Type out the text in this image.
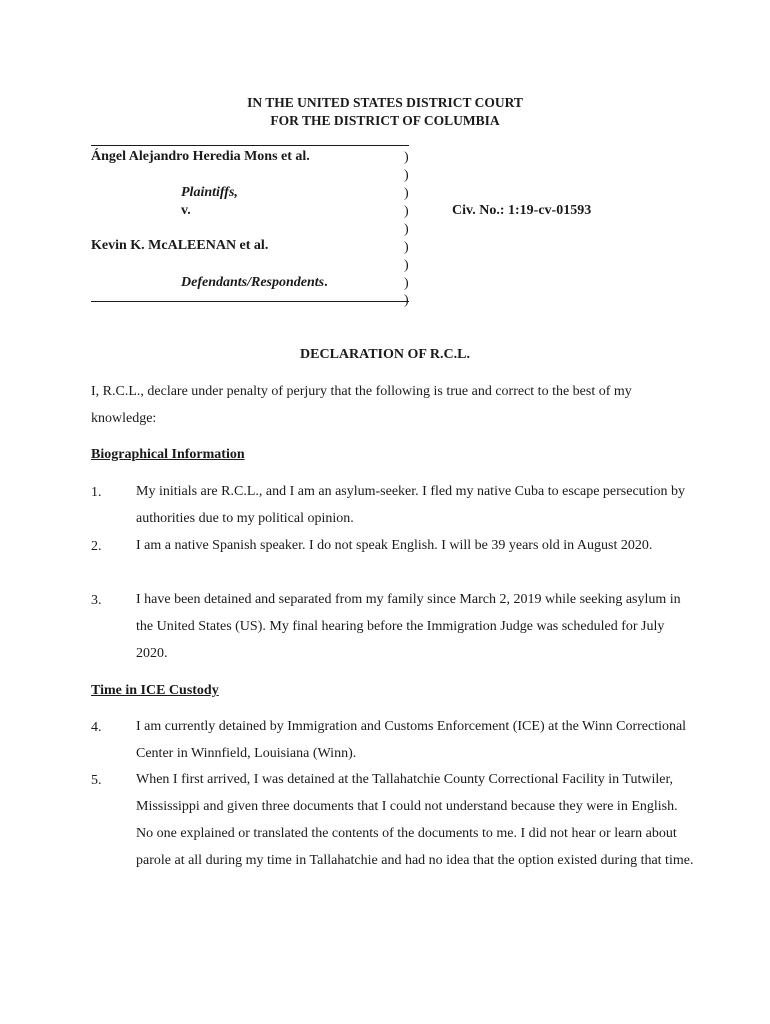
IN THE UNITED STATES DISTRICT COURT
FOR THE DISTRICT OF COLUMBIA
Ángel Alejandro Heredia Mons et al.
Plaintiffs,
v.
Kevin K. McALEENAN et al.
Defendants/Respondents.
)
)
)
)
)
)
)
)
)
Civ. No.: 1:19-cv-01593
DECLARATION OF R.C.L.
I, R.C.L., declare under penalty of perjury that the following is true and correct to the best of my
knowledge:
Biographical Information
1. My initials are R.C.L., and I am an asylum-seeker. I fled my native Cuba to escape persecution by authorities due to my political opinion.
2. I am a native Spanish speaker. I do not speak English. I will be 39 years old in August 2020.
3. I have been detained and separated from my family since March 2, 2019 while seeking asylum in the United States (US). My final hearing before the Immigration Judge was scheduled for July 2020.
Time in ICE Custody
4. I am currently detained by Immigration and Customs Enforcement (ICE) at the Winn Correctional Center in Winnfield, Louisiana (Winn).
5. When I first arrived, I was detained at the Tallahatchie County Correctional Facility in Tutwiler, Mississippi and given three documents that I could not understand because they were in English. No one explained or translated the contents of the documents to me. I did not hear or learn about parole at all during my time in Tallahatchie and had no idea that the option existed during that time.
